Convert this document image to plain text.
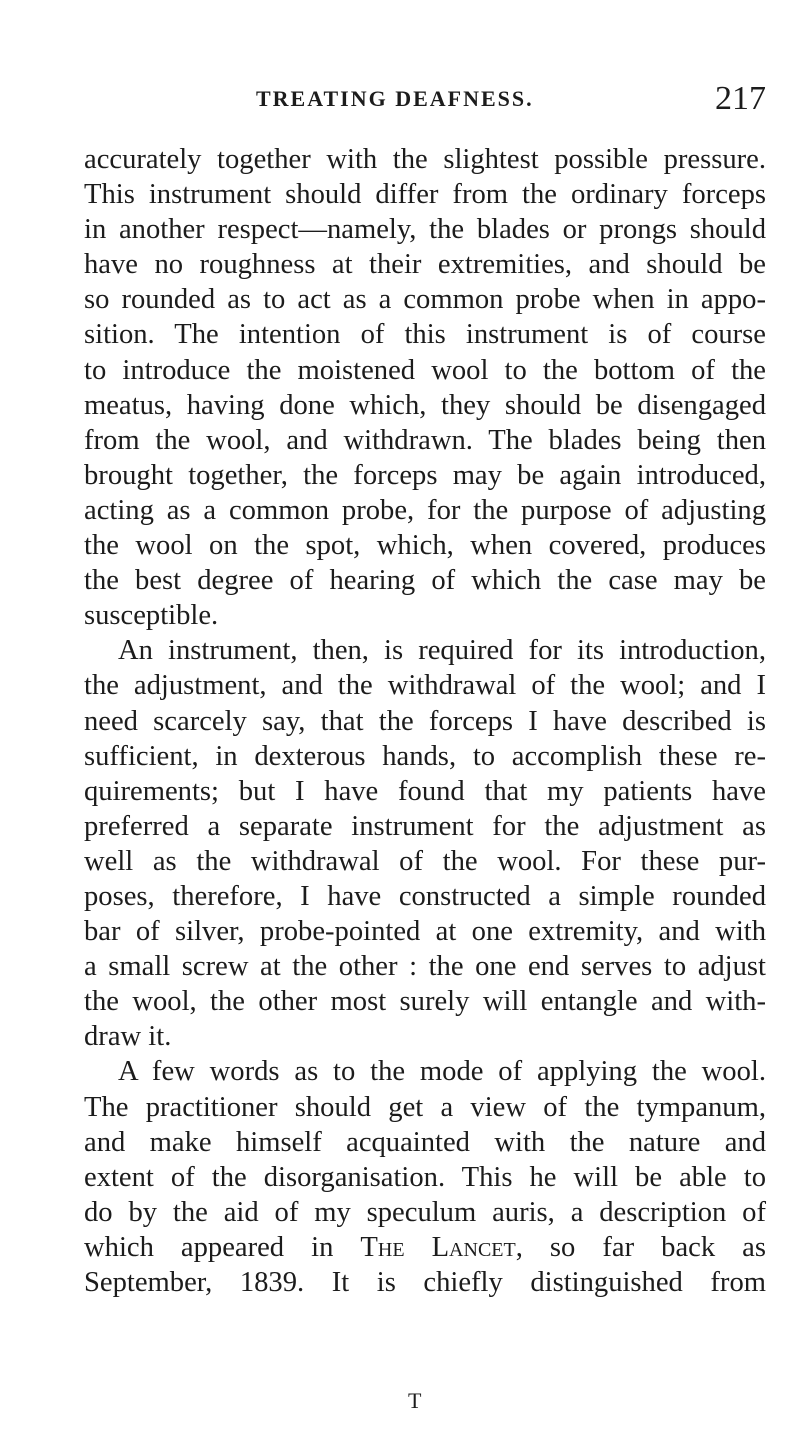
TREATING DEAFNESS.	217
accurately together with the slightest possible pressure.
This instrument should differ from the ordinary forceps
in another respect—namely, the blades or prongs should
have no roughness at their extremities, and should be
so rounded as to act as a common probe when in appo-
sition. The intention of this instrument is of course
to introduce the moistened wool to the bottom of the
meatus, having done which, they should be disengaged
from the wool, and withdrawn. The blades being then
brought together, the forceps may be again introduced,
acting as a common probe, for the purpose of adjusting
the wool on the spot, which, when covered, produces
the best degree of hearing of which the case may be
susceptible.
An instrument, then, is required for its introduction,
the adjustment, and the withdrawal of the wool; and I
need scarcely say, that the forceps I have described is
sufficient, in dexterous hands, to accomplish these re-
quirements; but I have found that my patients have
preferred a separate instrument for the adjustment as
well as the withdrawal of the wool. For these pur-
poses, therefore, I have constructed a simple rounded
bar of silver, probe-pointed at one extremity, and with
a small screw at the other : the one end serves to adjust
the wool, the other most surely will entangle and with-
draw it.
A few words as to the mode of applying the wool.
The practitioner should get a view of the tympanum,
and make himself acquainted with the nature and
extent of the disorganisation. This he will be able to
do by the aid of my speculum auris, a description of
which appeared in The Lancet, so far back as
September, 1839. It is chiefly distinguished from
T
